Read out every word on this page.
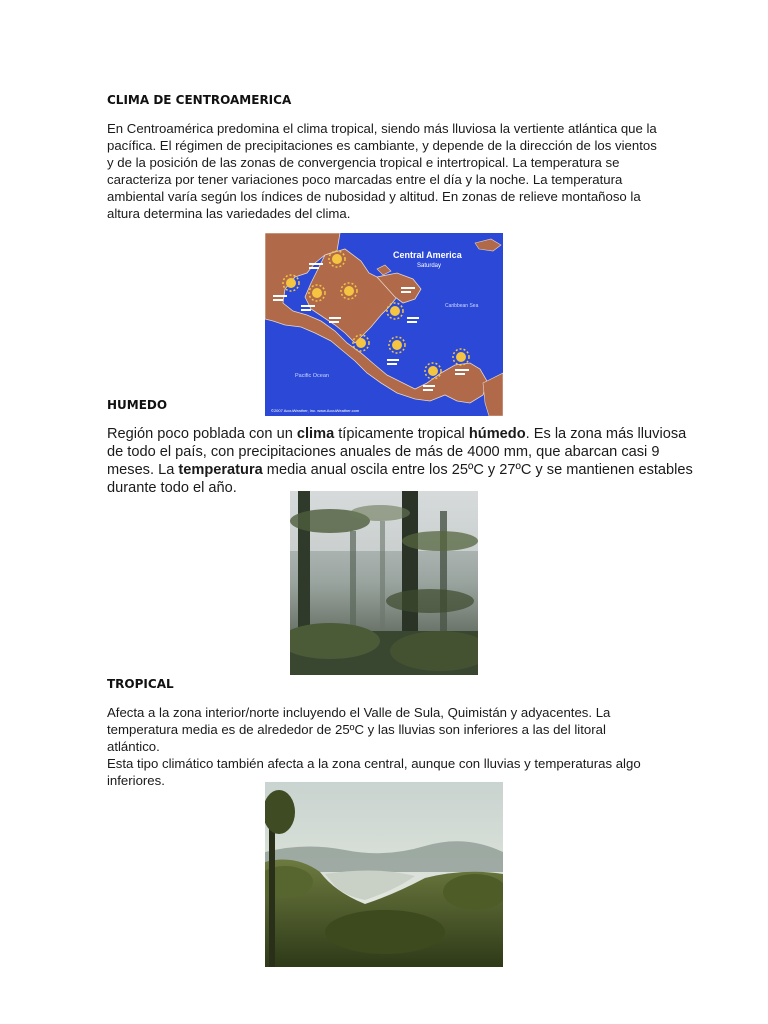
CLIMA DE CENTROAMERICA
En Centroamérica predomina el clima tropical, siendo más lluviosa la vertiente atlántica que la
pacífica. El régimen de precipitaciones es cambiante, y depende de la dirección de los vientos
y de la posición de las zonas de convergencia tropical e intertropical. La temperatura se
caracteriza por tener variaciones poco marcadas entre el día y la noche. La temperatura
ambiental varía según los índices de nubosidad y altitud. En zonas de relieve montañoso la
altura determina las variedades del clima.
Central America
Saturday
Caribbean Sea
Pacific Ocean
©2007 AccuWeather, Inc. www.AccuWeather.com
HUMEDO
Región poco poblada con un clima típicamente tropical húmedo. Es la zona más lluviosa
de todo el país, con precipitaciones anuales de más de 4000 mm, que abarcan casi 9
meses. La temperatura media anual oscila entre los 25ºC y 27ºC y se mantienen estables
durante todo el año.
TROPICAL
Afecta a la zona interior/norte incluyendo el Valle de Sula, Quimistán y adyacentes. La
temperatura media es de alrededor de 25ºC y las lluvias son inferiores a las del litoral
atlántico.
Esta tipo climático también afecta a la zona central, aunque con lluvias y temperaturas algo
inferiores.
